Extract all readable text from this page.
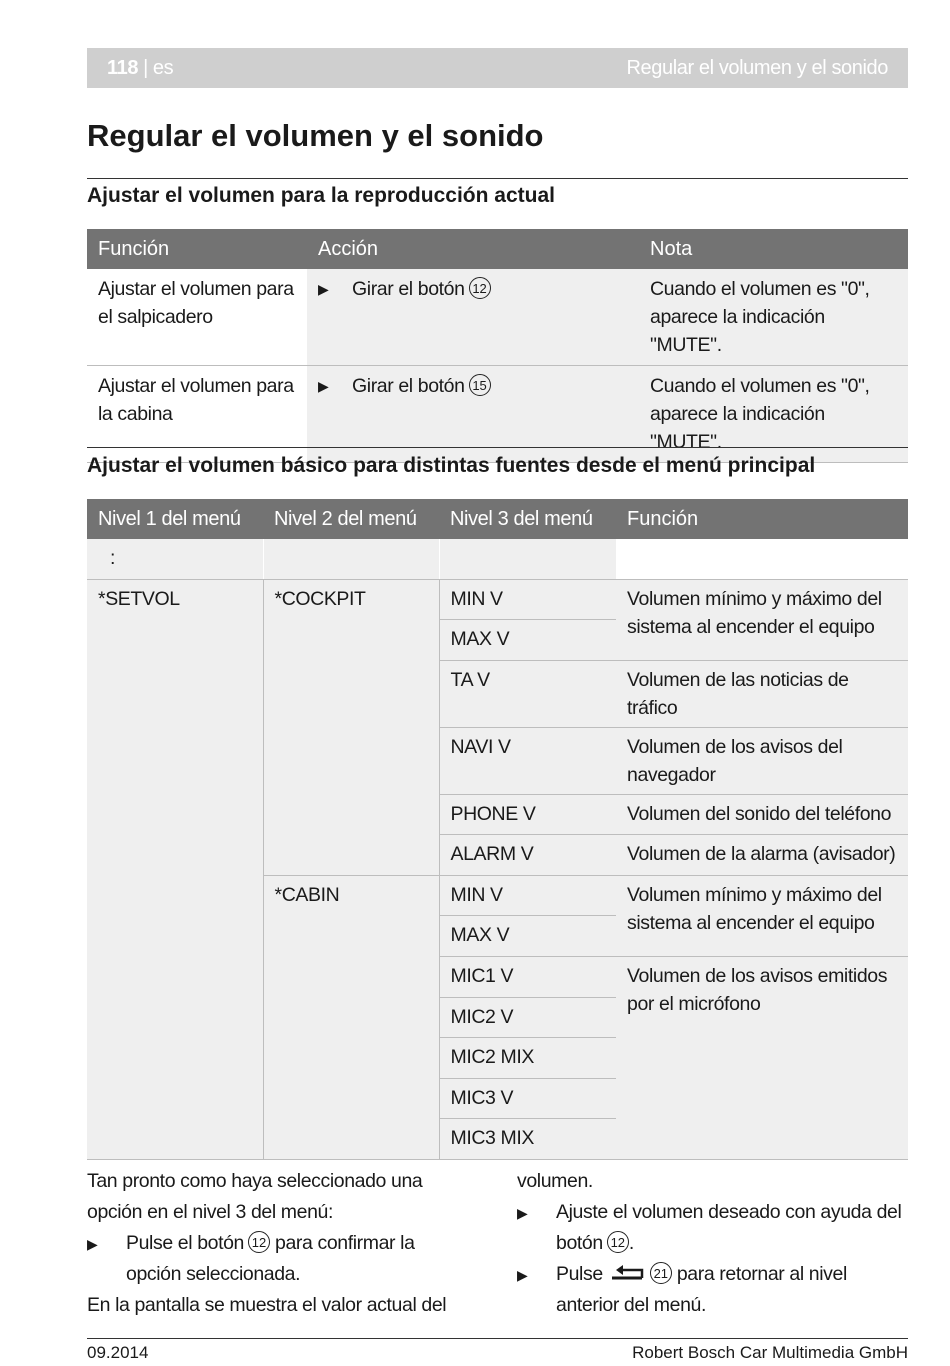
118 | es	Regular el volumen y el sonido
Regular el volumen y el sonido
Ajustar el volumen para la reproducción actual
Función	Acción	Nota
Ajustar el volumen para
el salpicadero	▶ Girar el botón 12	Cuando el volumen es "0",
aparece la indicación "MUTE".
Ajustar el volumen para
la cabina	▶ Girar el botón 15	Cuando el volumen es "0",
aparece la indicación "MUTE".
Ajustar el volumen básico para distintas fuentes desde el menú principal
Nivel 1 del menú	Nivel 2 del menú	Nivel 3 del menú	Función
:			
*SETVOL	*COCKPIT	MIN V	Volumen mínimo y máximo del
sistema al encender el equipo
		MAX V	
		TA V	Volumen de las noticias de
tráfico
		NAVI V	Volumen de los avisos del
navegador
		PHONE V	Volumen del sonido del teléfono
		ALARM V	Volumen de la alarma (avisador)
	*CABIN	MIN V	Volumen mínimo y máximo del
sistema al encender el equipo
		MAX V	
		MIC1 V	Volumen de los avisos emitidos
por el micrófono
		MIC2 V	
		MIC2 MIX	
		MIC3 V	
		MIC3 MIX	

Tan pronto como haya seleccionado una
opción en el nivel 3 del menú:

▶	Pulse el botón 12 para confirmar la
opción seleccionada.

En la pantalla se muestra el valor actual del

volumen.

▶	Ajuste el volumen deseado con ayuda del
botón 12 .
▶	Pulse	21 para retornar al nivel
anterior del menú.
09.2014	Robert Bosch Car Multimedia GmbH
